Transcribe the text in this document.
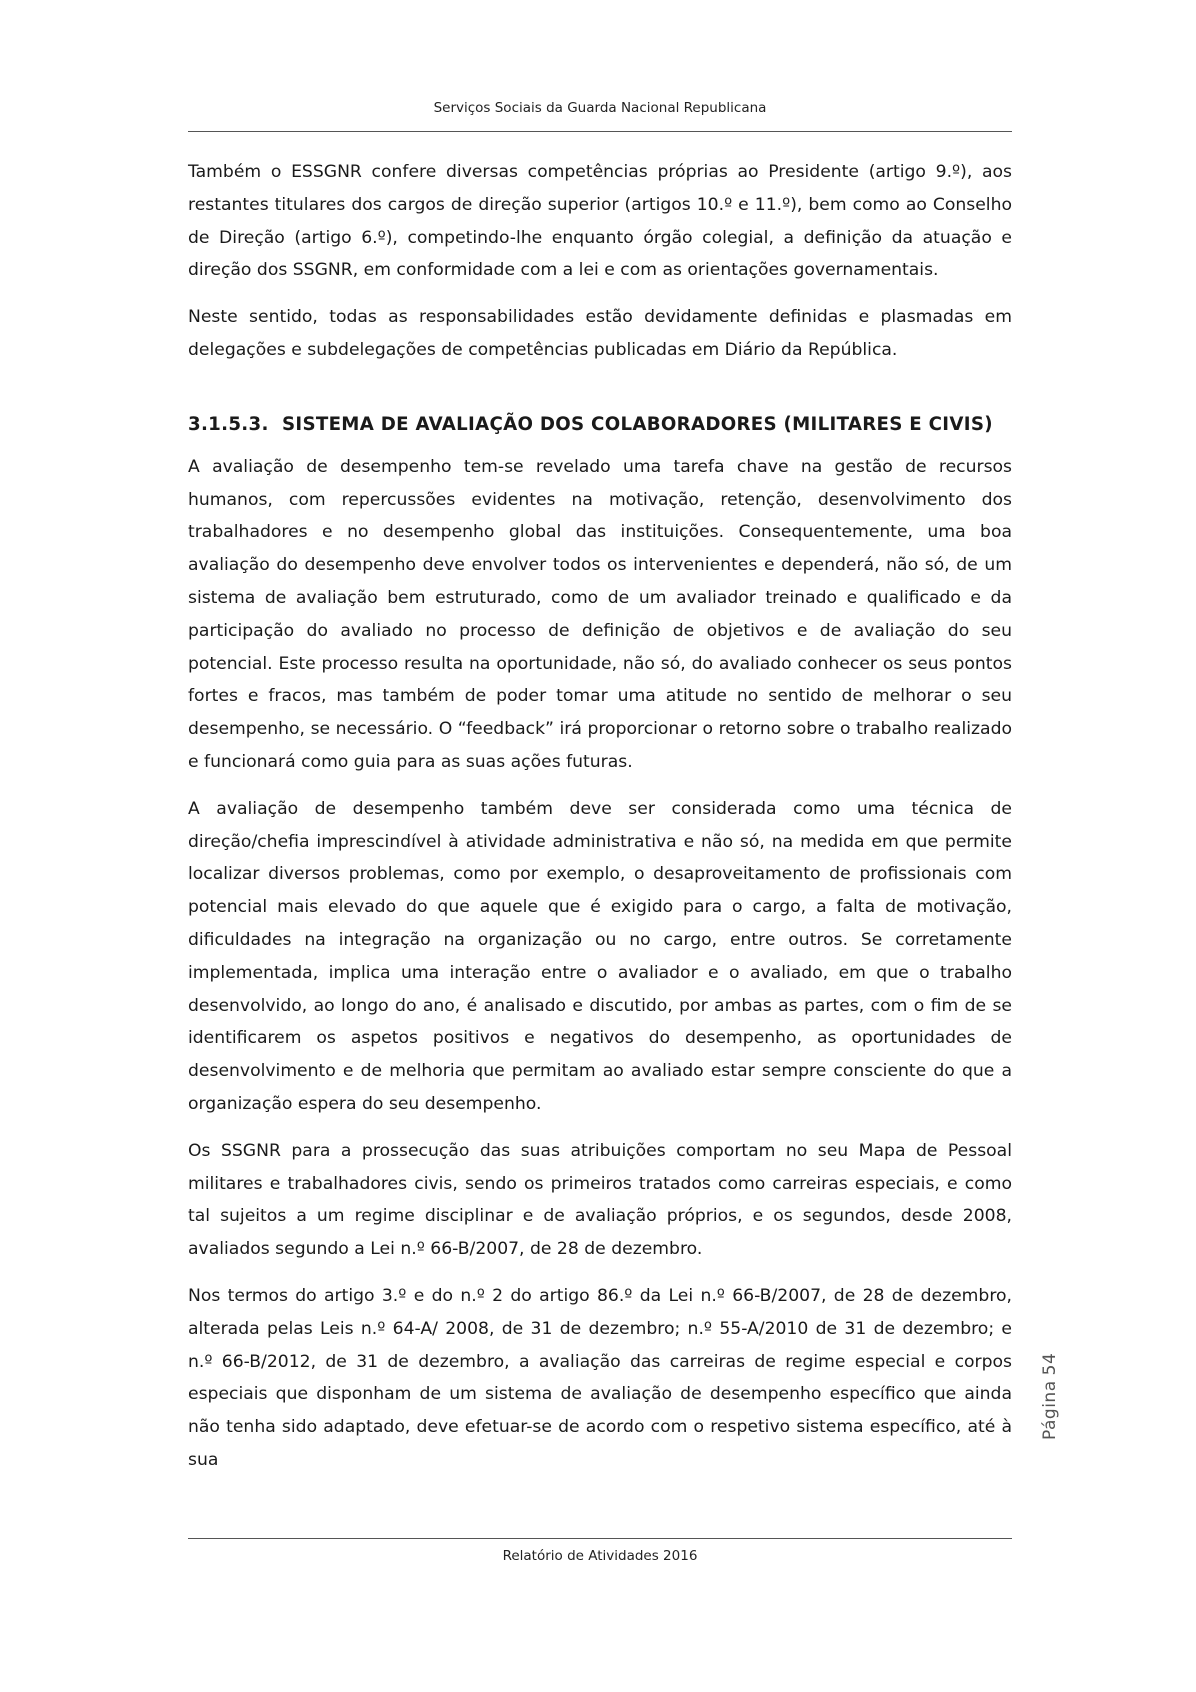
Serviços Sociais da Guarda Nacional Republicana

Também o ESSGNR confere diversas competências próprias ao Presidente (artigo 9.º), aos restantes titulares dos cargos de direção superior (artigos 10.º e 11.º), bem como ao Conselho de Direção (artigo 6.º), competindo-lhe enquanto órgão colegial, a definição da atuação e direção dos SSGNR, em conformidade com a lei e com as orientações governamentais.

Neste sentido, todas as responsabilidades estão devidamente definidas e plasmadas em delegações e subdelegações de competências publicadas em Diário da República.

3.1.5.3. SISTEMA DE AVALIAÇÃO DOS COLABORADORES (MILITARES E CIVIS)

A avaliação de desempenho tem-se revelado uma tarefa chave na gestão de recursos humanos, com repercussões evidentes na motivação, retenção, desenvolvimento dos trabalhadores e no desempenho global das instituições. Consequentemente, uma boa avaliação do desempenho deve envolver todos os intervenientes e dependerá, não só, de um sistema de avaliação bem estruturado, como de um avaliador treinado e qualificado e da participação do avaliado no processo de definição de objetivos e de avaliação do seu potencial. Este processo resulta na oportunidade, não só, do avaliado conhecer os seus pontos fortes e fracos, mas também de poder tomar uma atitude no sentido de melhorar o seu desempenho, se necessário. O “feedback” irá proporcionar o retorno sobre o trabalho realizado e funcionará como guia para as suas ações futuras.

A avaliação de desempenho também deve ser considerada como uma técnica de direção/chefia imprescindível à atividade administrativa e não só, na medida em que permite localizar diversos problemas, como por exemplo, o desaproveitamento de profissionais com potencial mais elevado do que aquele que é exigido para o cargo, a falta de motivação, dificuldades na integração na organização ou no cargo, entre outros. Se corretamente implementada, implica uma interação entre o avaliador e o avaliado, em que o trabalho desenvolvido, ao longo do ano, é analisado e discutido, por ambas as partes, com o fim de se identificarem os aspetos positivos e negativos do desempenho, as oportunidades de desenvolvimento e de melhoria que permitam ao avaliado estar sempre consciente do que a organização espera do seu desempenho.

Os SSGNR para a prossecução das suas atribuições comportam no seu Mapa de Pessoal militares e trabalhadores civis, sendo os primeiros tratados como carreiras especiais, e como tal sujeitos a um regime disciplinar e de avaliação próprios, e os segundos, desde 2008, avaliados segundo a Lei n.º 66-B/2007, de 28 de dezembro.

Nos termos do artigo 3.º e do n.º 2 do artigo 86.º da Lei n.º 66-B/2007, de 28 de dezembro, alterada pelas Leis n.º 64-A/ 2008, de 31 de dezembro; n.º 55-A/2010 de 31 de dezembro; e n.º 66-B/2012, de 31 de dezembro, a avaliação das carreiras de regime especial e corpos especiais que disponham de um sistema de avaliação de desempenho específico que ainda não tenha sido adaptado, deve efetuar-se de acordo com o respetivo sistema específico, até à sua

Relatório de Atividades 2016
Página54
